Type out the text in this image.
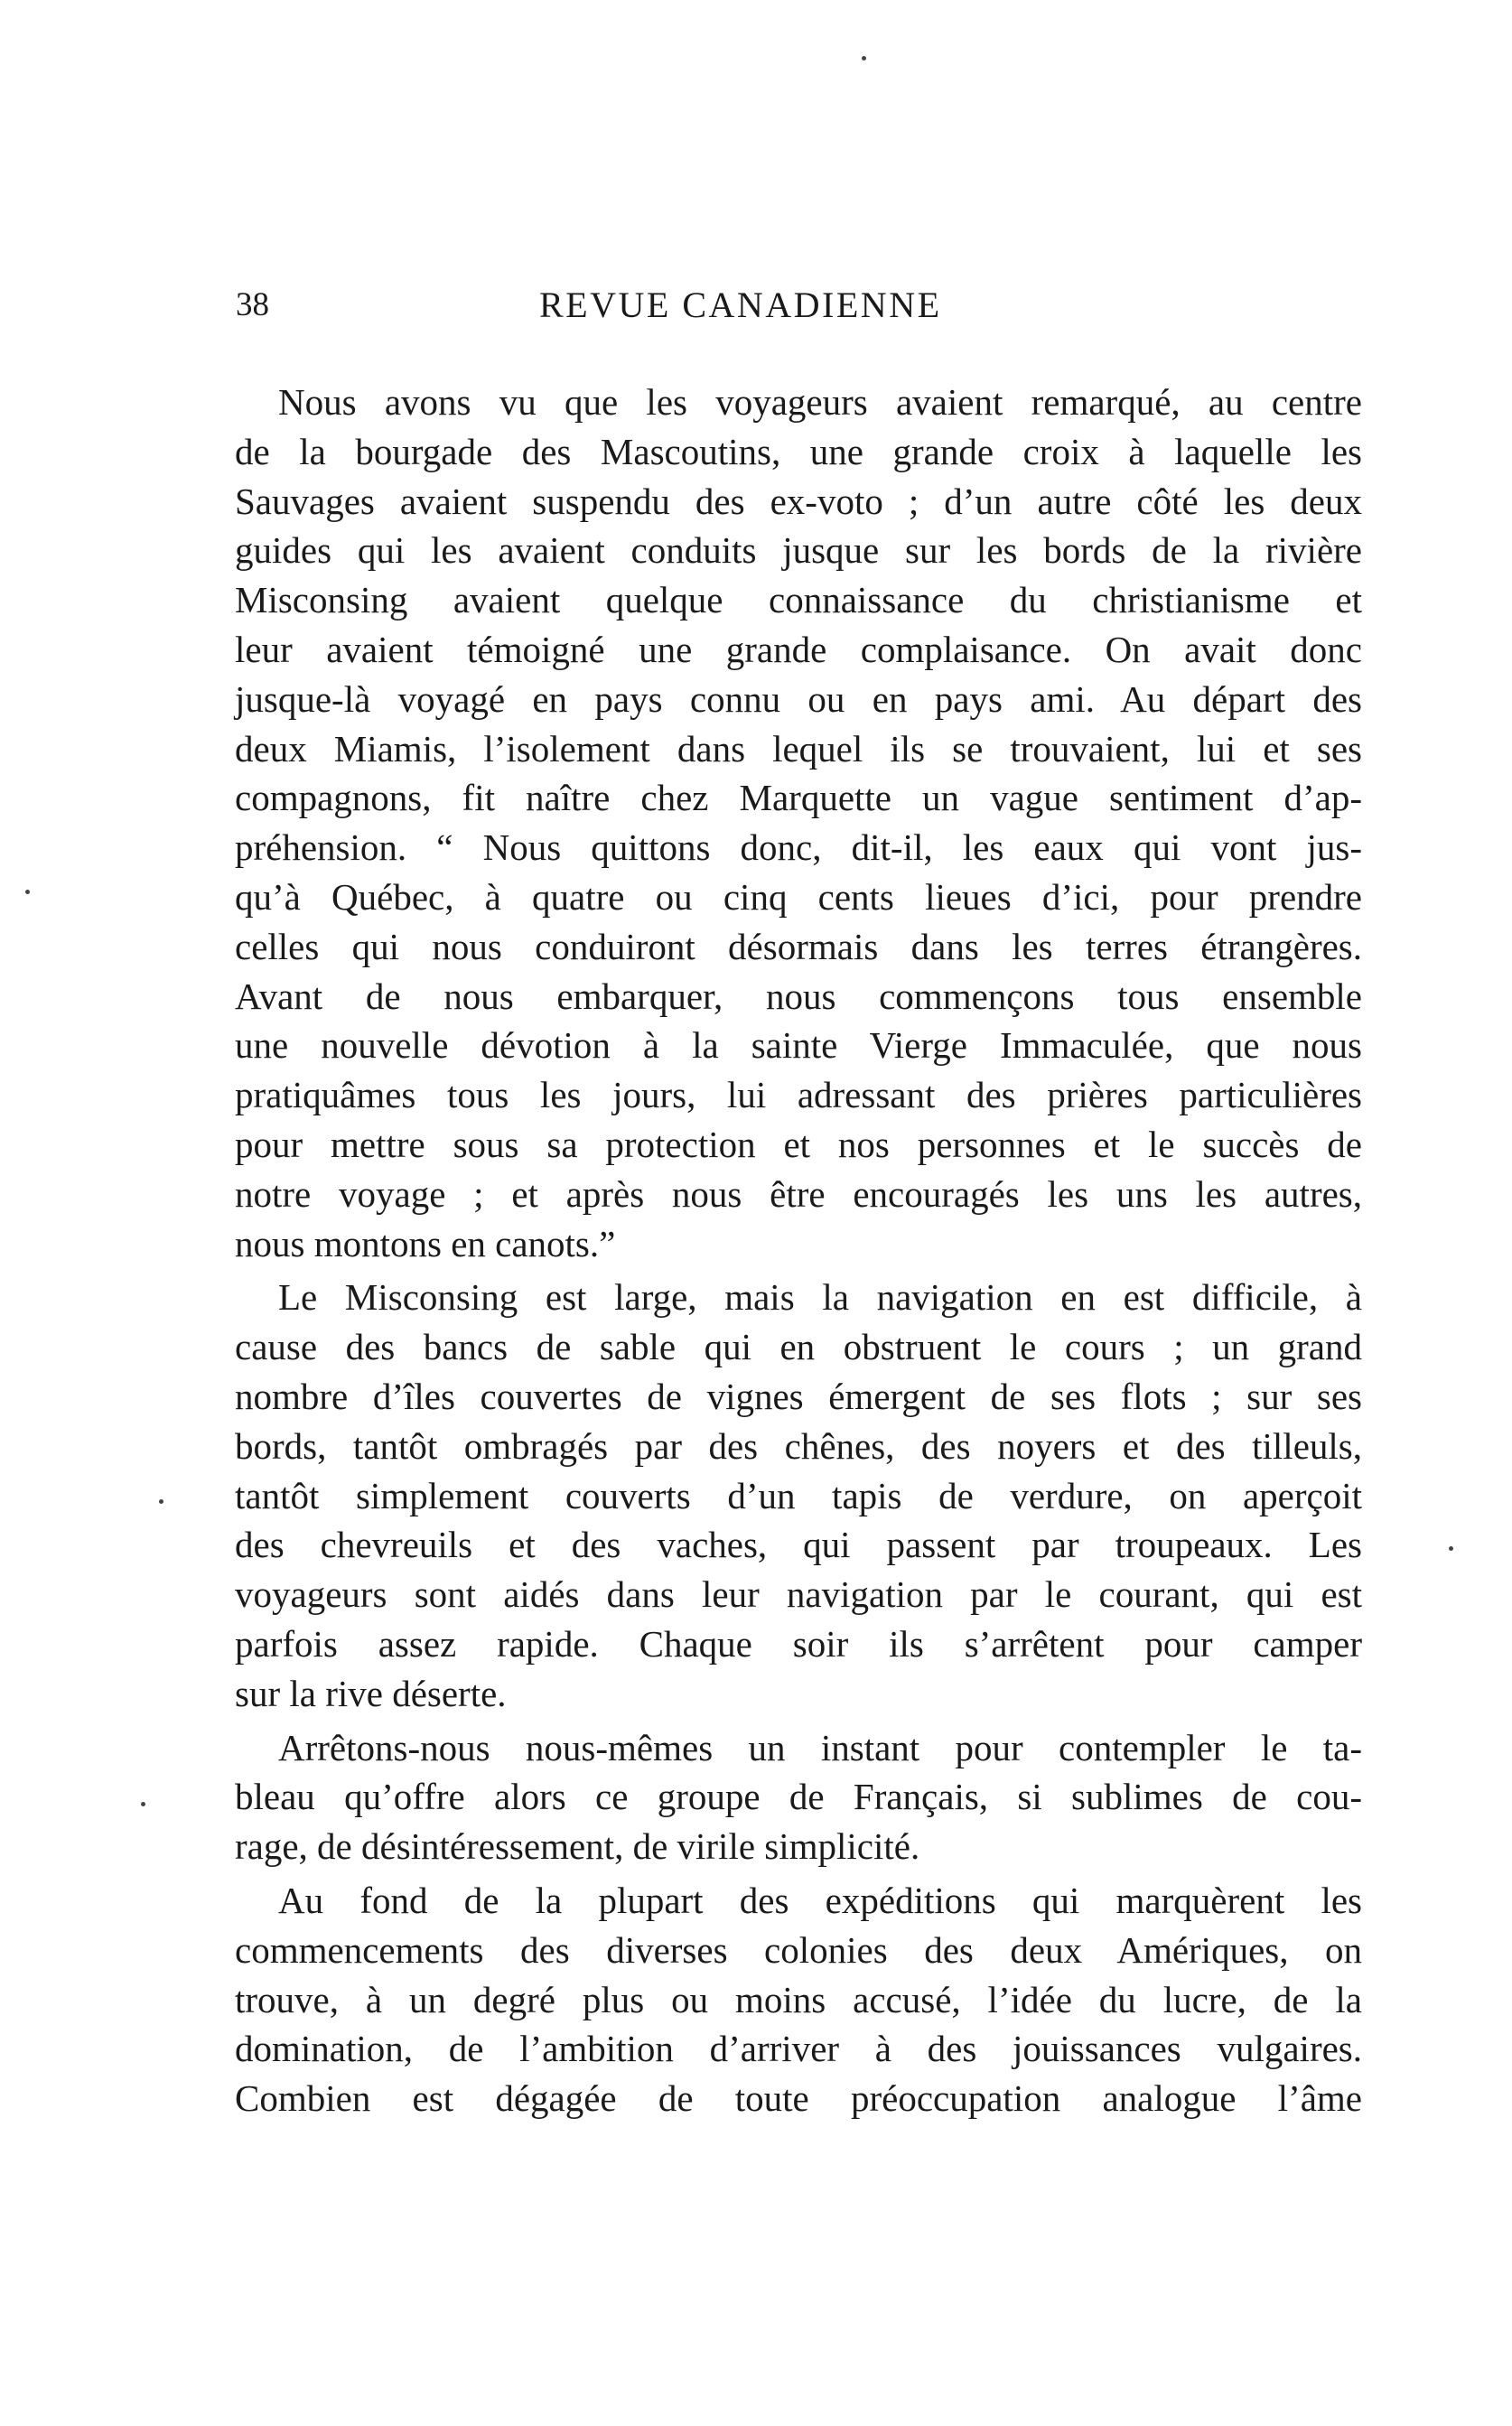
38	REVUE CANADIENNE
Nous avons vu que les voyageurs avaient remarqué, au centre
de la bourgade des Mascoutins, une grande croix à laquelle les
Sauvages avaient suspendu des ex-voto ; d’un autre côté les deux
guides qui les avaient conduits jusque sur les bords de la rivière
Misconsing avaient quelque connaissance du christianisme et
leur avaient témoigné une grande complaisance. On avait donc
jusque-là voyagé en pays connu ou en pays ami. Au départ des
deux Miamis, l’isolement dans lequel ils se trouvaient, lui et ses
compagnons, fit naître chez Marquette un vague sentiment d’ap-
préhension. “ Nous quittons donc, dit-il, les eaux qui vont jus-
qu’à Québec, à quatre ou cinq cents lieues d’ici, pour prendre
celles qui nous conduiront désormais dans les terres étrangères.
Avant de nous embarquer, nous commençons tous ensemble
une nouvelle dévotion à la sainte Vierge Immaculée, que nous
pratiquâmes tous les jours, lui adressant des prières particulières
pour mettre sous sa protection et nos personnes et le succès de
notre voyage ; et après nous être encouragés les uns les autres,
nous montons en canots.”
Le Misconsing est large, mais la navigation en est difficile, à
cause des bancs de sable qui en obstruent le cours ; un grand
nombre d’îles couvertes de vignes émergent de ses flots ; sur ses
bords, tantôt ombragés par des chênes, des noyers et des tilleuls,
tantôt simplement couverts d’un tapis de verdure, on aperçoit
des chevreuils et des vaches, qui passent par troupeaux. Les
voyageurs sont aidés dans leur navigation par le courant, qui est
parfois assez rapide. Chaque soir ils s’arrêtent pour camper
sur la rive déserte.
Arrêtons-nous nous-mêmes un instant pour contempler le ta-
bleau qu’offre alors ce groupe de Français, si sublimes de cou-
rage, de désintéressement, de virile simplicité.
Au fond de la plupart des expéditions qui marquèrent les
commencements des diverses colonies des deux Amériques, on
trouve, à un degré plus ou moins accusé, l’idée du lucre, de la
domination, de l’ambition d’arriver à des jouissances vulgaires.
Combien est dégagée de toute préoccupation analogue l’âme
